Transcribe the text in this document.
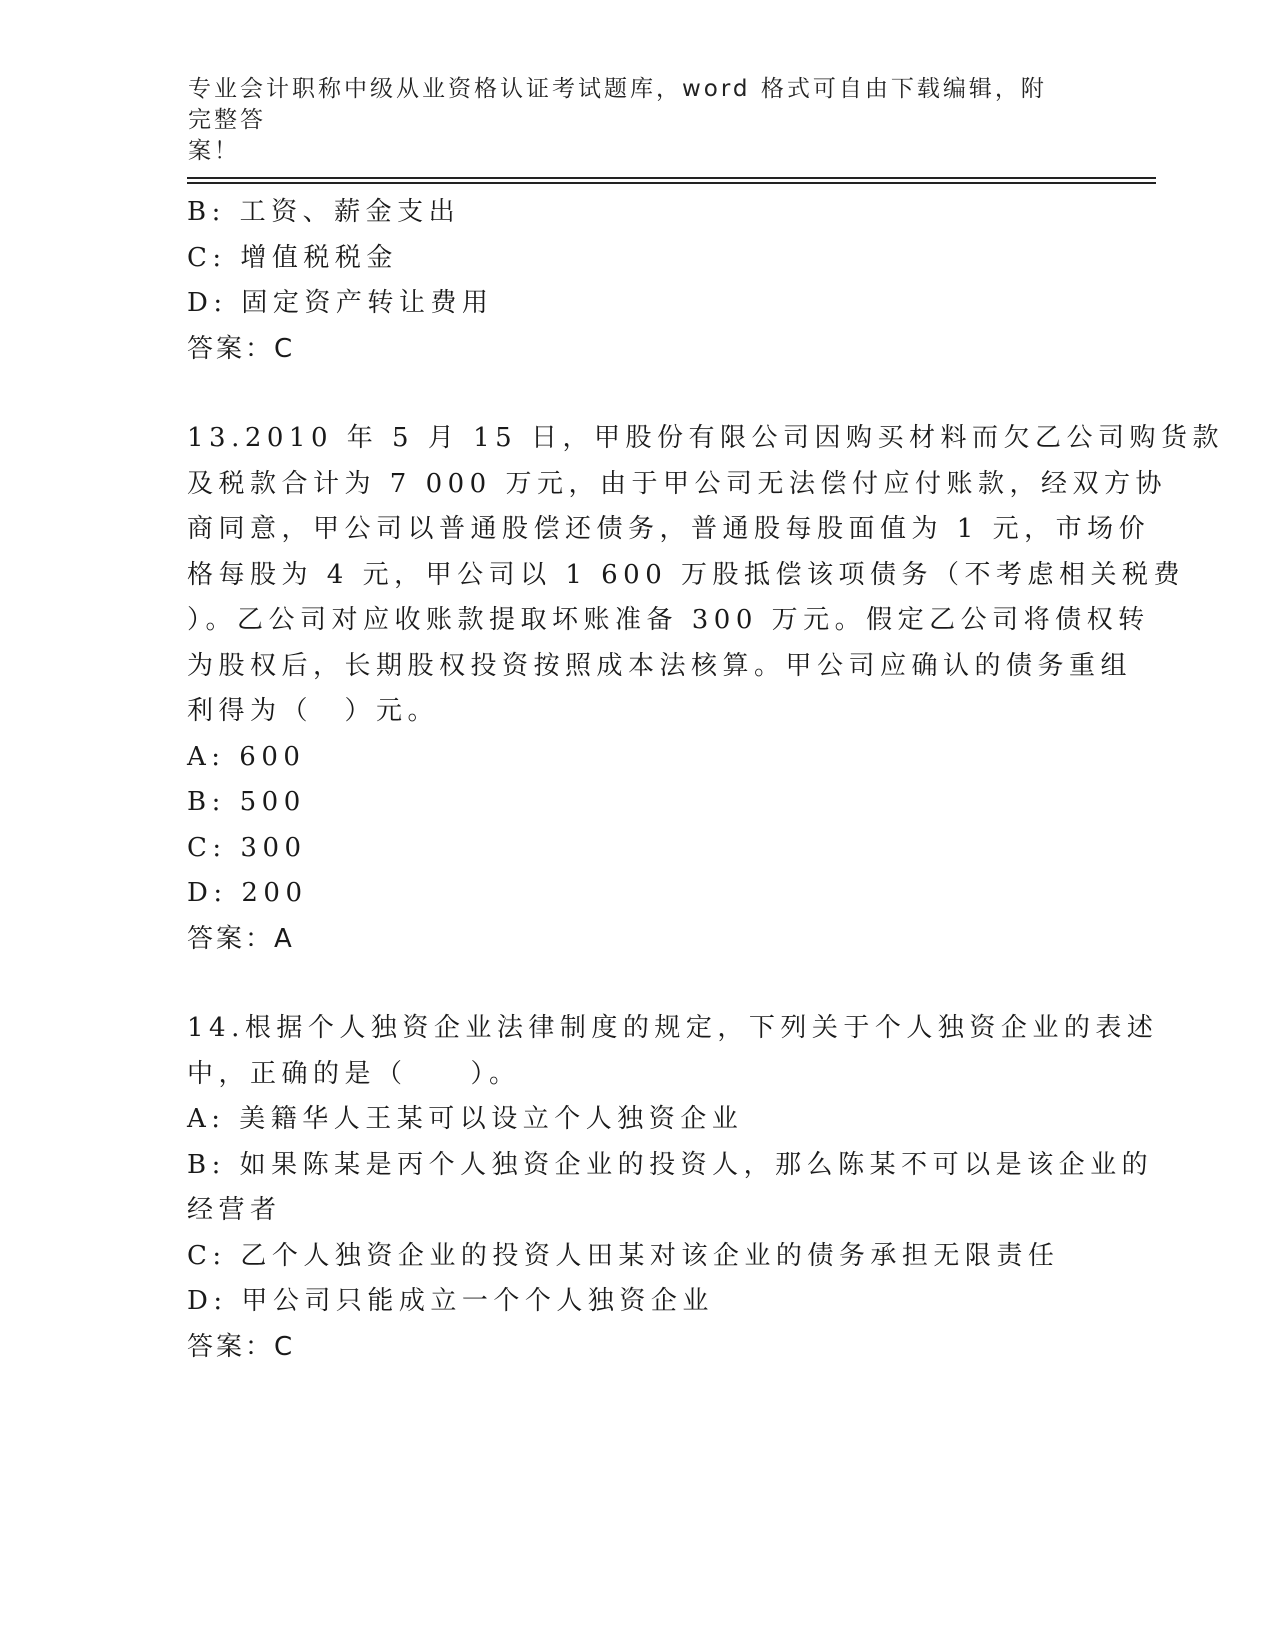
专业会计职称中级从业资格认证考试题库，word 格式可自由下载编辑，附完整答
案！

B: 工资、薪金支出

C: 增值税税金

D: 固定资产转让费用

答案：C

13.2010 年 5 月 15 日，甲股份有限公司因购买材料而欠乙公司购货款

及税款合计为 7 000 万元，由于甲公司无法偿付应付账款，经双方协

商同意，甲公司以普通股偿还债务，普通股每股面值为 1 元，市场价

格每股为 4 元，甲公司以 1 600 万股抵偿该项债务（不考虑相关税费

）。乙公司对应收账款提取坏账准备 300 万元。假定乙公司将债权转

为股权后，长期股权投资按照成本法核算。甲公司应确认的债务重组

利得为（　）元。

A: 600

B: 500

C: 300

D: 200

答案：A

14.根据个人独资企业法律制度的规定，下列关于个人独资企业的表述

中，正确的是（　　）。

A: 美籍华人王某可以设立个人独资企业

B: 如果陈某是丙个人独资企业的投资人，那么陈某不可以是该企业的

经营者

C: 乙个人独资企业的投资人田某对该企业的债务承担无限责任

D: 甲公司只能成立一个个人独资企业

答案：C
